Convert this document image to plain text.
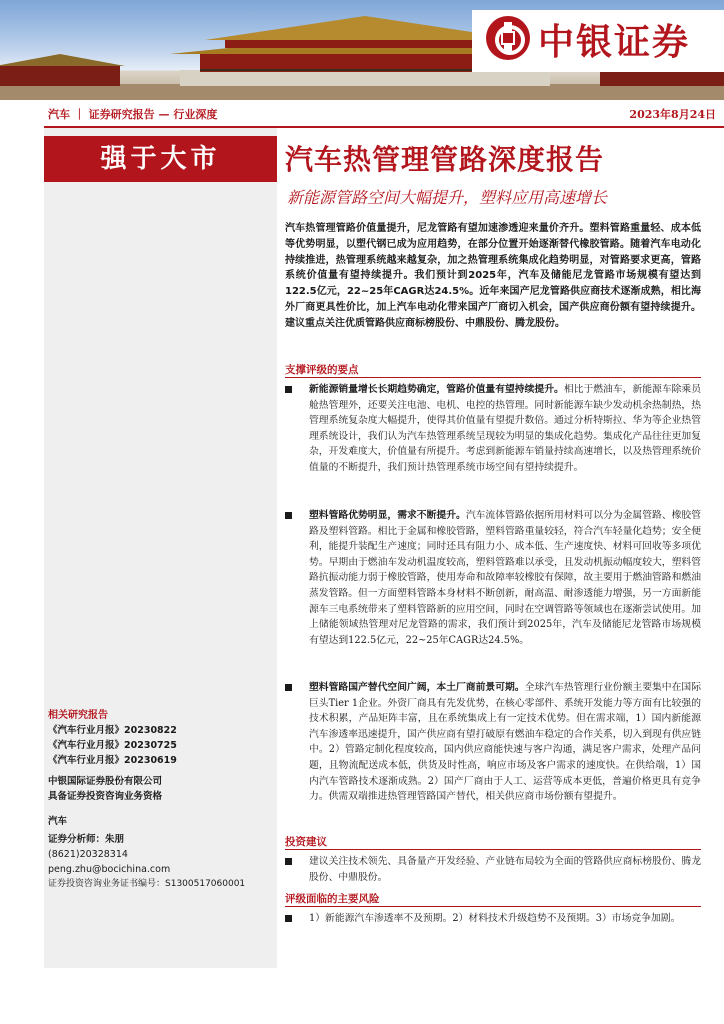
中银证券
汽车 ｜ 证券研究报告 — 行业深度	2023年8月24日
强于大市
相关研究报告
《汽车行业月报》20230822
《汽车行业月报》20230725
《汽车行业月报》20230619
中银国际证券股份有限公司
具备证券投资咨询业务资格
汽车
证券分析师：朱朋
(8621)20328314
peng.zhu@bocichina.com
证券投资咨询业务证书编号：S1300517060001
汽车热管理管路深度报告
新能源管路空间大幅提升，塑料应用高速增长
汽车热管理管路价值量提升，尼龙管路有望加速渗透迎来量价齐升。塑料管路重量轻、成本低等优势明显，以塑代钢已成为应用趋势，在部分位置开始逐渐替代橡胶管路。随着汽车电动化持续推进，热管理系统越来越复杂，加之热管理系统集成化趋势明显，对管路要求更高，管路系统价值量有望持续提升。我们预计到2025年，汽车及储能尼龙管路市场规模有望达到122.5亿元，22~25年CAGR达24.5%。近年来国产尼龙管路供应商技术逐渐成熟，相比海外厂商更具性价比，加上汽车电动化带来国产厂商切入机会，国产供应商份额有望持续提升。建议重点关注优质管路供应商标榜股份、中鼎股份、腾龙股份。
支撑评级的要点
新能源销量增长长期趋势确定，管路价值量有望持续提升。相比于燃油车，新能源车除乘员舱热管理外，还要关注电池、电机、电控的热管理。同时新能源车缺少发动机余热制热，热管理系统复杂度大幅提升，使得其价值量有望提升数倍。通过分析特斯拉、华为等企业热管理系统设计，我们认为汽车热管理系统呈现较为明显的集成化趋势。集成化产品往往更加复杂，开发难度大，价值量有所提升。考虑到新能源车销量持续高速增长，以及热管理系统价值量的不断提升，我们预计热管理系统市场空间有望持续提升。
塑料管路优势明显，需求不断提升。汽车流体管路依据所用材料可以分为金属管路、橡胶管路及塑料管路。相比于金属和橡胶管路，塑料管路重量较轻，符合汽车轻量化趋势；安全便利，能提升装配生产速度；同时还具有阻力小、成本低、生产速度快、材料可回收等多项优势。早期由于燃油车发动机温度较高，塑料管路难以承受，且发动机振动幅度较大，塑料管路抗振动能力弱于橡胶管路，使用寿命和故障率较橡胶有保障，故主要用于燃油管路和燃油蒸发管路。但一方面塑料管路本身材料不断创新，耐高温、耐渗透能力增强，另一方面新能源车三电系统带来了塑料管路新的应用空间，同时在空调管路等领域也在逐渐尝试使用。加上储能领域热管理对尼龙管路的需求，我们预计到2025年，汽车及储能尼龙管路市场规模有望达到122.5亿元，22~25年CAGR达24.5%。
塑料管路国产替代空间广阔，本土厂商前景可期。全球汽车热管理行业份额主要集中在国际巨头Tier 1企业。外资厂商具有先发优势，在核心零部件、系统开发能力等方面有比较强的技术积累，产品矩阵丰富，且在系统集成上有一定技术优势。但在需求端，1）国内新能源汽车渗透率迅速提升，国产供应商有望打破原有燃油车稳定的合作关系，切入到现有供应链中。2）管路定制化程度较高，国内供应商能快速与客户沟通，满足客户需求，处理产品问题，且物流配送成本低，供货及时性高，响应市场及客户需求的速度快。在供给端，1）国内汽车管路技术逐渐成熟。2）国产厂商由于人工、运营等成本更低，普遍价格更具有竞争力。供需双端推进热管理管路国产替代，相关供应商市场份额有望提升。
投资建议
建议关注技术领先、具备量产开发经验、产业链布局较为全面的管路供应商标榜股份、腾龙股份、中鼎股份。
评级面临的主要风险
1）新能源汽车渗透率不及预期。2）材料技术升级趋势不及预期。3）市场竞争加剧。
